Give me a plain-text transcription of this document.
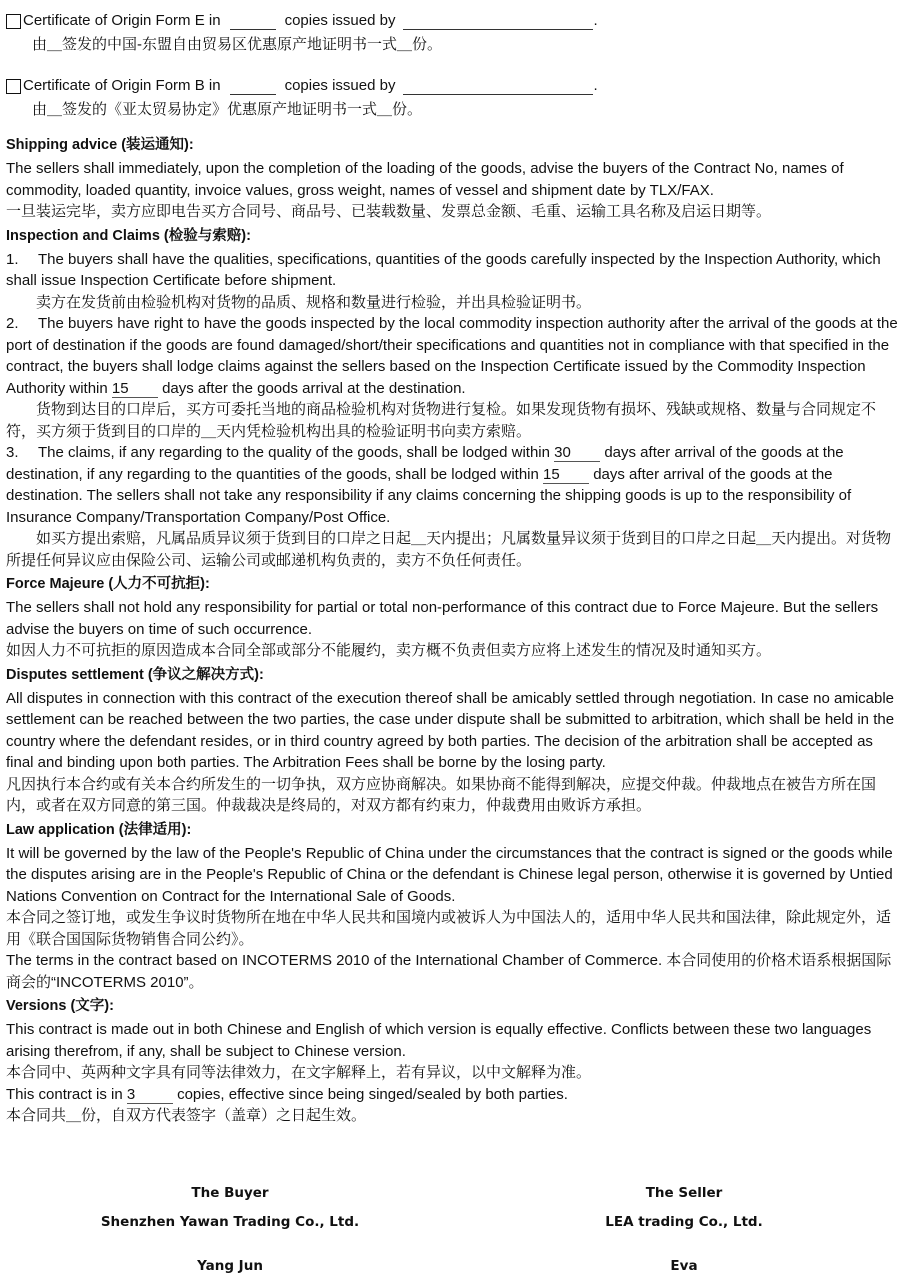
Certificate of Origin Form E in	copies issued by	.
由＿签发的中国-东盟自由贸易区优惠原产地证明书一式＿份。
Certificate of Origin Form B in	copies issued by	.
由＿签发的《亚太贸易协定》优惠原产地证明书一式＿份。
Shipping advice (装运通知):

The sellers shall immediately, upon the completion of the loading of the goods, advise the buyers of the Contract No, names of commodity, loaded quantity, invoice values, gross weight, names of vessel and shipment date by TLX/FAX.

一旦装运完毕，卖方应即电告买方合同号、商品号、已装载数量、发票总金额、毛重、运输工具名称及启运日期等。

Inspection and Claims (检验与索赔):

1. The buyers shall have the qualities, specifications, quantities of the goods carefully inspected by the Inspection Authority, which shall issue Inspection Certificate before shipment.

卖方在发货前由检验机构对货物的品质、规格和数量进行检验，并出具检验证明书。

2. The buyers have right to have the goods inspected by the local commodity inspection authority after the arrival of the goods at the port of destination if the goods are found damaged/short/their specifications and quantities not in compliance with that specified in the contract, the buyers shall lodge claims against the sellers based on the Inspection Certificate issued by the Commodity Inspection Authority within 15 days after the goods arrival at the destination.

货物到达目的口岸后，买方可委托当地的商品检验机构对货物进行复检。如果发现货物有损坏、残缺或规格、数量与合同规定不符，买方须于货到目的口岸的＿天内凭检验机构出具的检验证明书向卖方索赔。

3. The claims, if any regarding to the quality of the goods, shall be lodged within 30 days after arrival of the goods at the destination, if any regarding to the quantities of the goods, shall be lodged within 15 days after arrival of the goods at the destination. The sellers shall not take any responsibility if any claims concerning the shipping goods is up to the responsibility of Insurance Company/Transportation Company/Post Office.

如买方提出索赔，凡属品质异议须于货到目的口岸之日起＿天内提出；凡属数量异议须于货到目的口岸之日起＿天内提出。对货物所提任何异议应由保险公司、运输公司或邮递机构负责的，卖方不负任何责任。

Force Majeure (人力不可抗拒):

The sellers shall not hold any responsibility for partial or total non-performance of this contract due to Force Majeure. But the sellers advise the buyers on time of such occurrence.

如因人力不可抗拒的原因造成本合同全部或部分不能履约，卖方概不负责但卖方应将上述发生的情况及时通知买方。

Disputes settlement (争议之解决方式):

All disputes in connection with this contract of the execution thereof shall be amicably settled through negotiation. In case no amicable settlement can be reached between the two parties, the case under dispute shall be submitted to arbitration, which shall be held in the country where the defendant resides, or in third country agreed by both parties. The decision of the arbitration shall be accepted as final and binding upon both parties. The Arbitration Fees shall be borne by the losing party.

凡因执行本合约或有关本合约所发生的一切争执，双方应协商解决。如果协商不能得到解决，应提交仲裁。仲裁地点在被告方所在国内，或者在双方同意的第三国。仲裁裁决是终局的，对双方都有约束力，仲裁费用由败诉方承担。

Law application (法律适用):

It will be governed by the law of the People's Republic of China under the circumstances that the contract is signed or the goods while the disputes arising are in the People's Republic of China or the defendant is Chinese legal person, otherwise it is governed by Untied Nations Convention on Contract for the International Sale of Goods.

本合同之签订地，或发生争议时货物所在地在中华人民共和国境内或被诉人为中国法人的，适用中华人民共和国法律，除此规定外，适用《联合国国际货物销售合同公约》。

The terms in the contract based on INCOTERMS 2010 of the International Chamber of Commerce. 本合同使用的价格术语系根据国际商会的“INCOTERMS 2010”。

Versions (文字):

This contract is made out in both Chinese and English of which version is equally effective. Conflicts between these two languages arising therefrom, if any, shall be subject to Chinese version.

本合同中、英两种文字具有同等法律效力，在文字解释上，若有异议，以中文解释为准。

This contract is in 3	copies, effective since being singed/sealed by both parties.

本合同共＿份，自双方代表签字（盖章）之日起生效。

The Buyer
Shenzhen Yawan Trading Co., Ltd.
Yang Jun
The Seller
LEA trading Co., Ltd.
Eva
